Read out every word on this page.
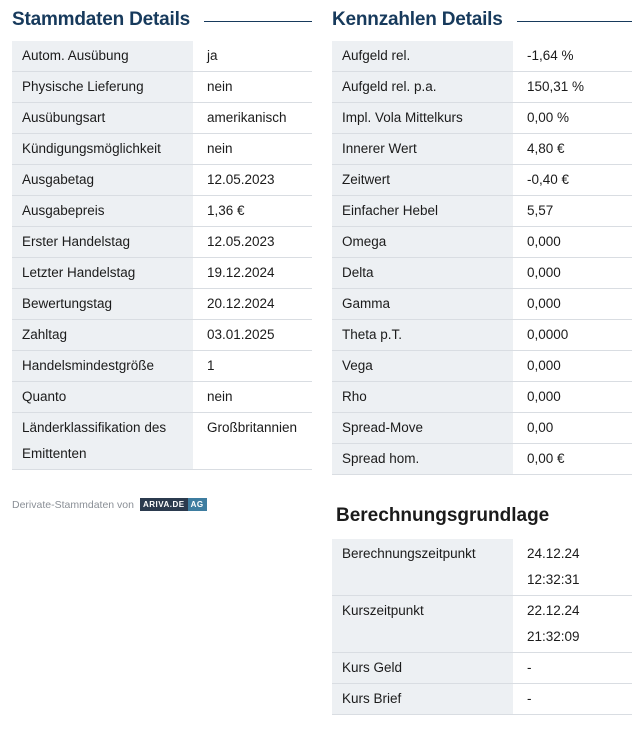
Stammdaten Details
Autom. Ausübung	ja
Physische Lieferung	nein
Ausübungsart	amerikanisch
Kündigungsmöglichkeit	nein
Ausgabetag	12.05.2023
Ausgabepreis	1,36 €
Erster Handelstag	12.05.2023
Letzter Handelstag	19.12.2024
Bewertungstag	20.12.2024
Zahltag	03.01.2025
Handelsmindestgröße	1
Quanto	nein
Länderklassifikation des Emittenten	Großbritannien
Derivate-Stammdaten von	ARIVA.DE AG
Kennzahlen Details
Aufgeld rel.	-1,64 %
Aufgeld rel. p.a.	150,31 %
Impl. Vola Mittelkurs	0,00 %
Innerer Wert	4,80 €
Zeitwert	-0,40 €
Einfacher Hebel	5,57
Omega	0,000
Delta	0,000
Gamma	0,000
Theta p.T.	0,0000
Vega	0,000
Rho	0,000
Spread-Move	0,00
Spread hom.	0,00 €
Berechnungsgrundlage
Berechnungszeitpunkt	24.12.24
12:32:31

Kurszeitpunkt	22.12.24
21:32:09

Kurs Geld	-

Kurs Brief	-
